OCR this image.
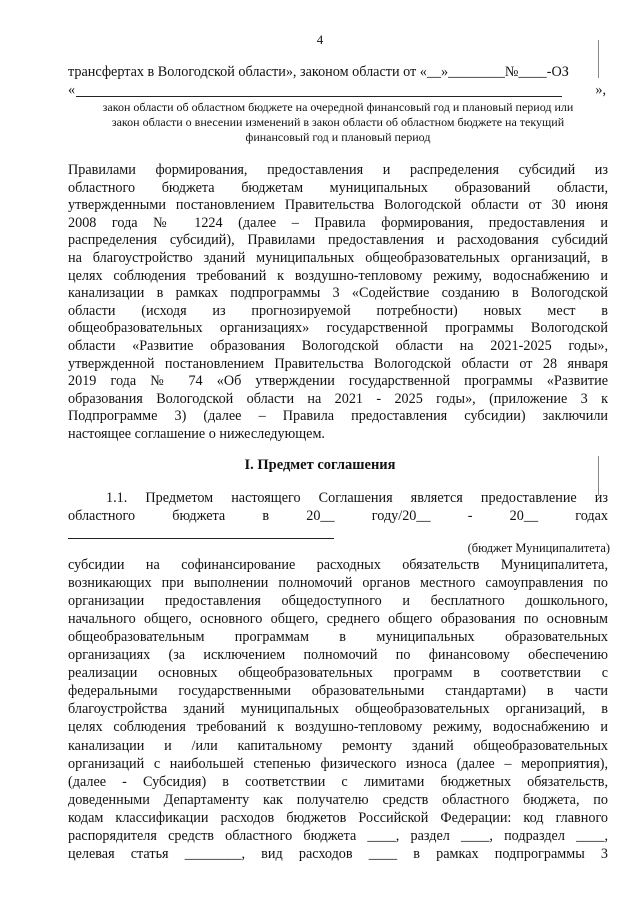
4
трансфертах в Вологодской области», законом области от «__»________№____-ОЗ
«	»,
закон области об областном бюджете на очередной финансовый год и плановый период или
закон области о внесении изменений в закон области об областном бюджете на текущий
финансовый год и плановый период
Правилами формирования, предоставления и распределения субсидий из
областного бюджета бюджетам муниципальных образований области,
утвержденными постановлением Правительства Вологодской области от 30 июня
2008 года № 1224 (далее – Правила формирования, предоставления и
распределения субсидий), Правилами предоставления и расходования субсидий
на благоустройство зданий муниципальных общеобразовательных организаций, в
целях соблюдения требований к воздушно-тепловому режиму, водоснабжению и
канализации в рамках подпрограммы 3 «Содействие созданию в Вологодской
области (исходя из прогнозируемой потребности) новых мест в
общеобразовательных организациях» государственной программы Вологодской
области «Развитие образования Вологодской области на 2021-2025 годы»,
утвержденной постановлением Правительства Вологодской области от 28 января
2019 года № 74 «Об утверждении государственной программы «Развитие
образования Вологодской области на 2021 - 2025 годы», (приложение 3 к
Подпрограмме 3) (далее – Правила предоставления субсидии) заключили
настоящее соглашение о нижеследующем.
I. Предмет соглашения
1.1. Предметом настоящего Соглашения является предоставление из
областного бюджета в 20__ году/20__ - 20__ годах
(бюджет Муниципалитета)
субсидии на софинансирование расходных обязательств Муниципалитета,
возникающих при выполнении полномочий органов местного самоуправления по
организации предоставления общедоступного и бесплатного дошкольного,
начального общего, основного общего, среднего общего образования по основным
общеобразовательным программам в муниципальных образовательных
организациях (за исключением полномочий по финансовому обеспечению
реализации основных общеобразовательных программ в соответствии с
федеральными государственными образовательными стандартами) в части
благоустройства зданий муниципальных общеобразовательных организаций, в
целях соблюдения требований к воздушно-тепловому режиму, водоснабжению и
канализации и /или капитальному ремонту зданий общеобразовательных
организаций с наибольшей степенью физического износа (далее – мероприятия),
(далее - Субсидия) в соответствии с лимитами бюджетных обязательств,
доведенными Департаменту как получателю средств областного бюджета, по
кодам классификации расходов бюджетов Российской Федерации: код главного
распорядителя средств областного бюджета ____, раздел ____, подраздел ____,
целевая статья ________, вид расходов ____ в рамках подпрограммы 3
